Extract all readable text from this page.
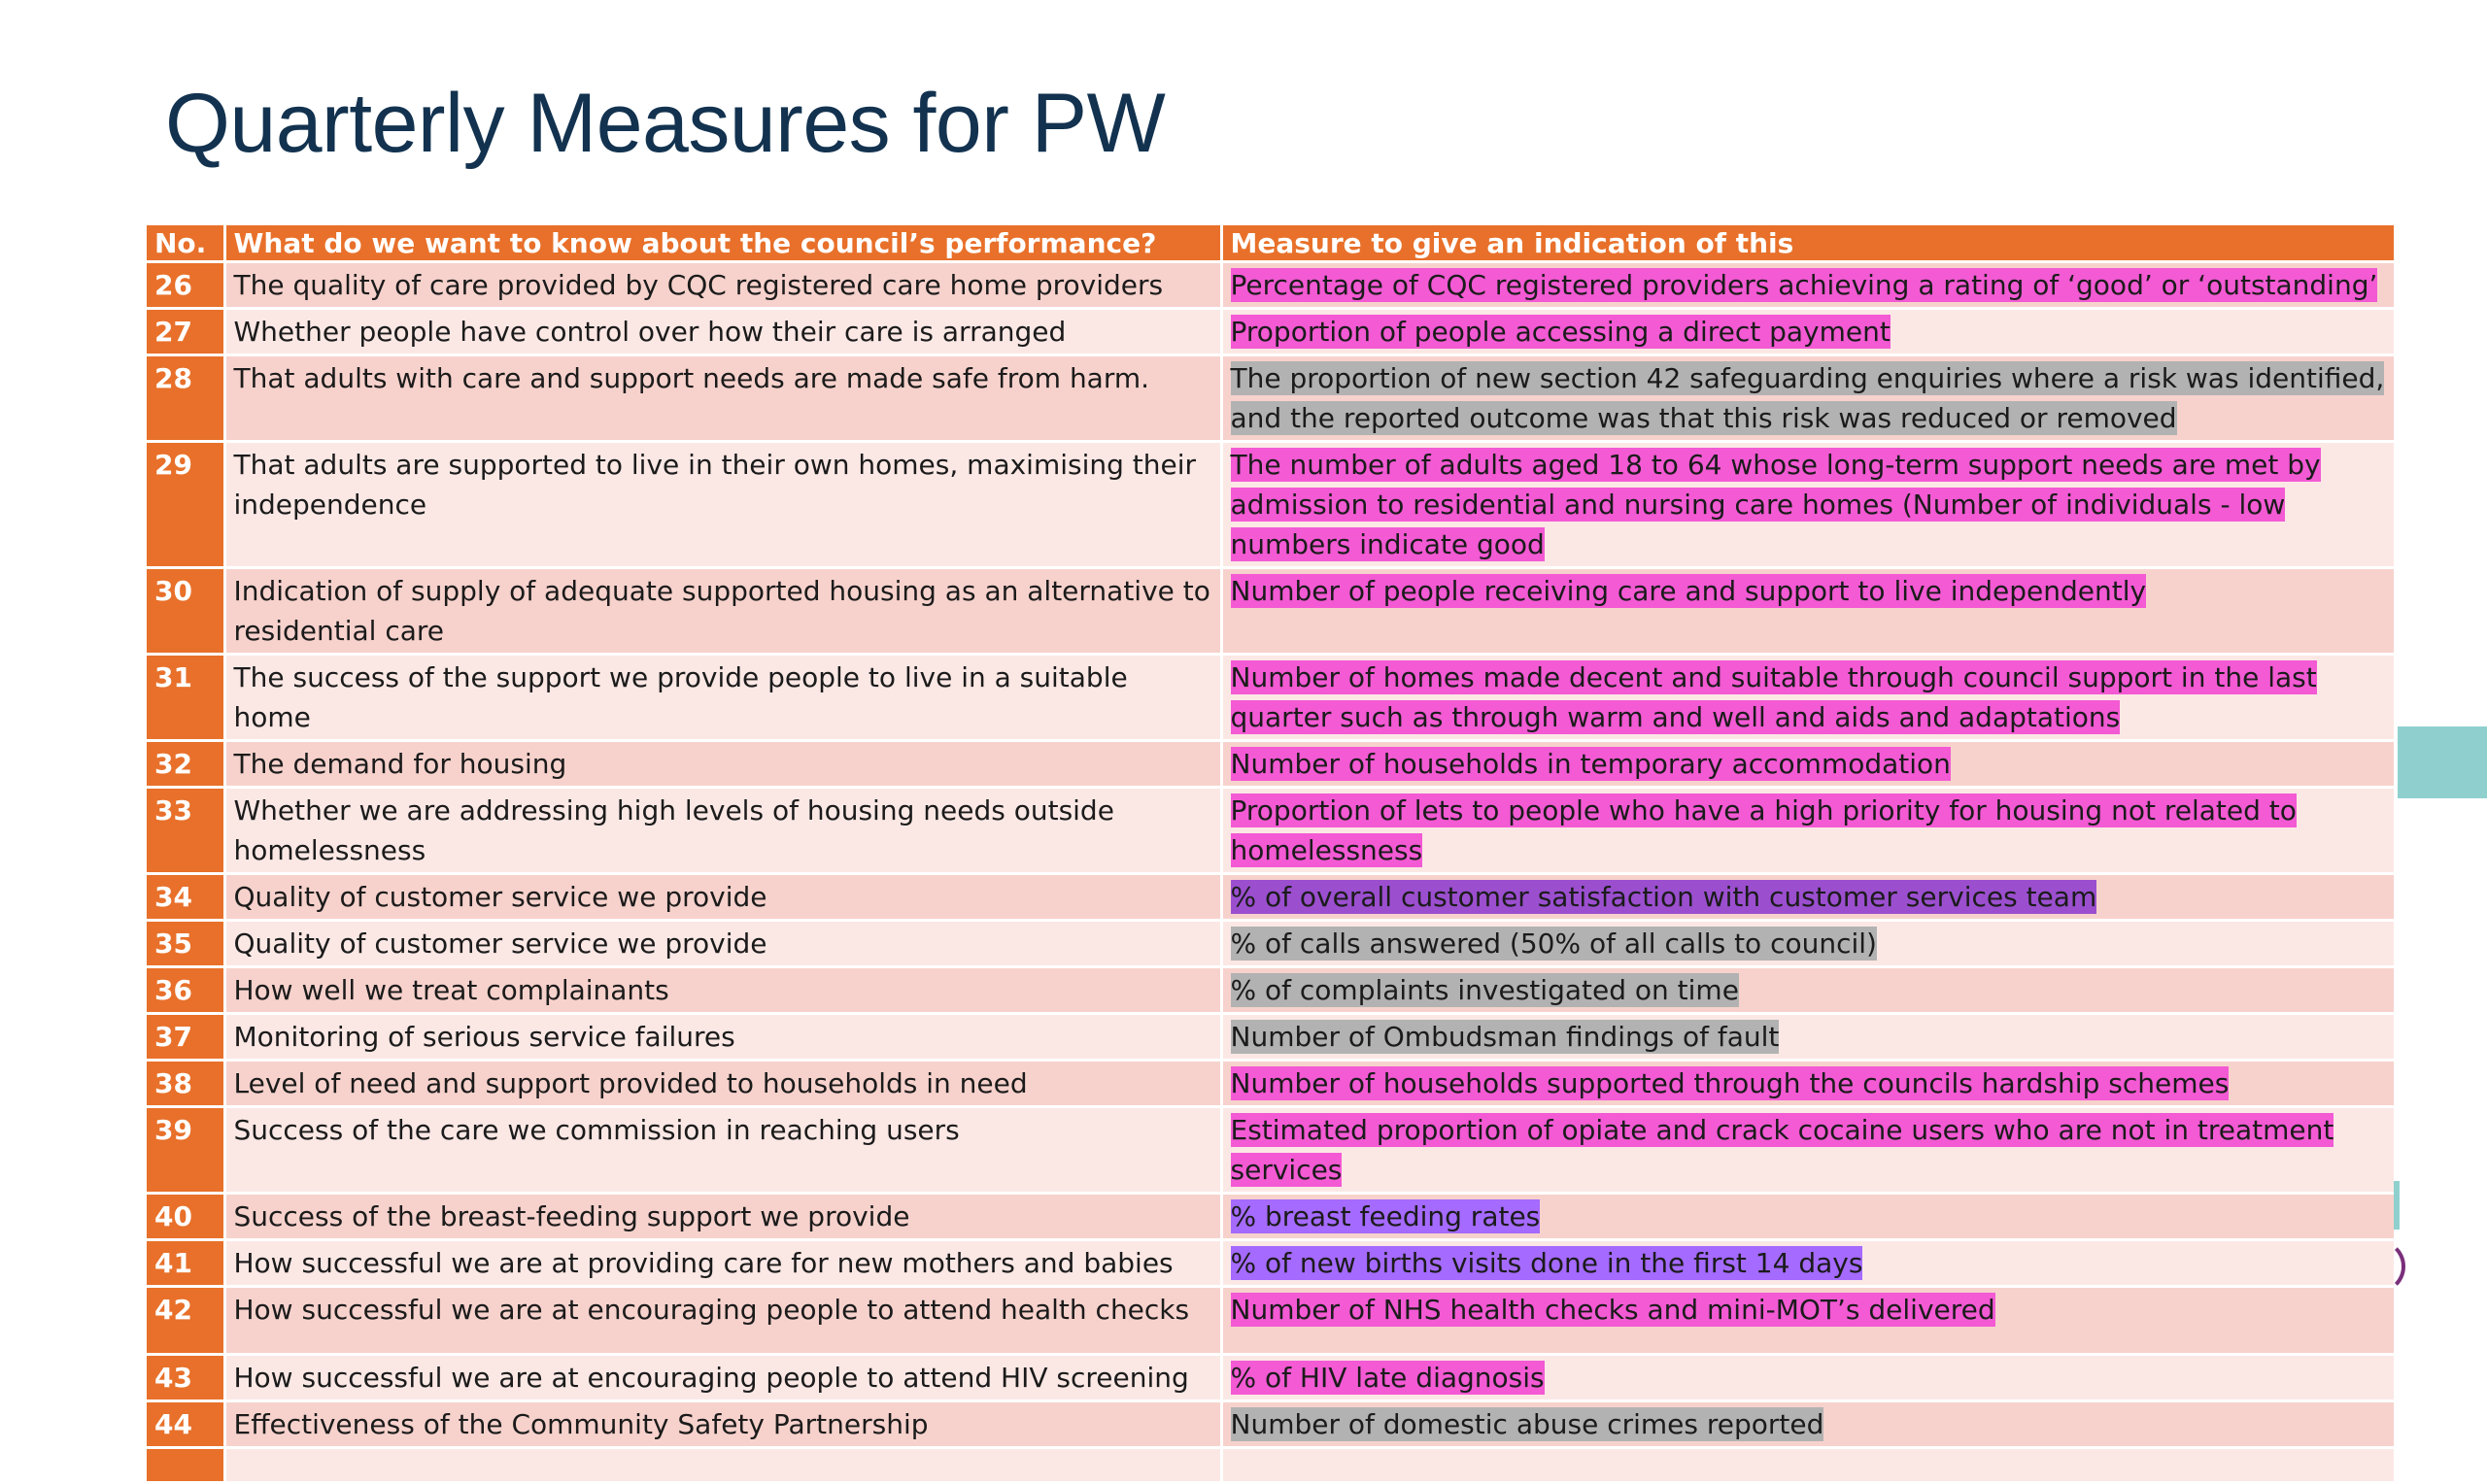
Quarterly Measures for PW
No.	What do we want to know about the council’s performance?	Measure to give an indication of this
26	The quality of care provided by CQC registered care home providers	Percentage of CQC registered providers achieving a rating of ‘good’ or ‘outstanding’
27	Whether people have control over how their care is arranged	Proportion of people accessing a direct payment
28	That adults with care and support needs are made safe from harm.	The proportion of new section 42 safeguarding enquiries where a risk was identified, and the reported outcome was that this risk was reduced or removed
29	That adults are supported to live in their own homes, maximising their independence	The number of adults aged 18 to 64 whose long-term support needs are met by admission to residential and nursing care homes (Number of individuals - low numbers indicate good
30	Indication of supply of adequate supported housing as an alternative to residential care	Number of people receiving care and support to live independently
31	The success of the support we provide people to live in a suitable home	Number of homes made decent and suitable through council support in the last quarter such as through warm and well and aids and adaptations
32	The demand for housing	Number of households in temporary accommodation
33	Whether we are addressing high levels of housing needs outside homelessness	Proportion of lets to people who have a high priority for housing not related to homelessness
34	Quality of customer service we provide	% of overall customer satisfaction with customer services team
35	Quality of customer service we provide	% of calls answered (50% of all calls to council)
36	How well we treat complainants	% of complaints investigated on time
37	Monitoring of serious service failures	Number of Ombudsman findings of fault
38	Level of need and support provided to households in need	Number of households supported through the councils hardship schemes
39	Success of the care we commission in reaching users	Estimated proportion of opiate and crack cocaine users who are not in treatment services
40	Success of the breast-feeding support we provide	% breast feeding rates
41	How successful we are at providing care for new mothers and babies	% of new births visits done in the first 14 days
42	How successful we are at encouraging people to attend health checks	Number of NHS health checks and mini-MOT’s delivered
43	How successful we are at encouraging people to attend HIV screening	% of HIV late diagnosis
44	Effectiveness of the Community Safety Partnership	Number of domestic abuse crimes reported
